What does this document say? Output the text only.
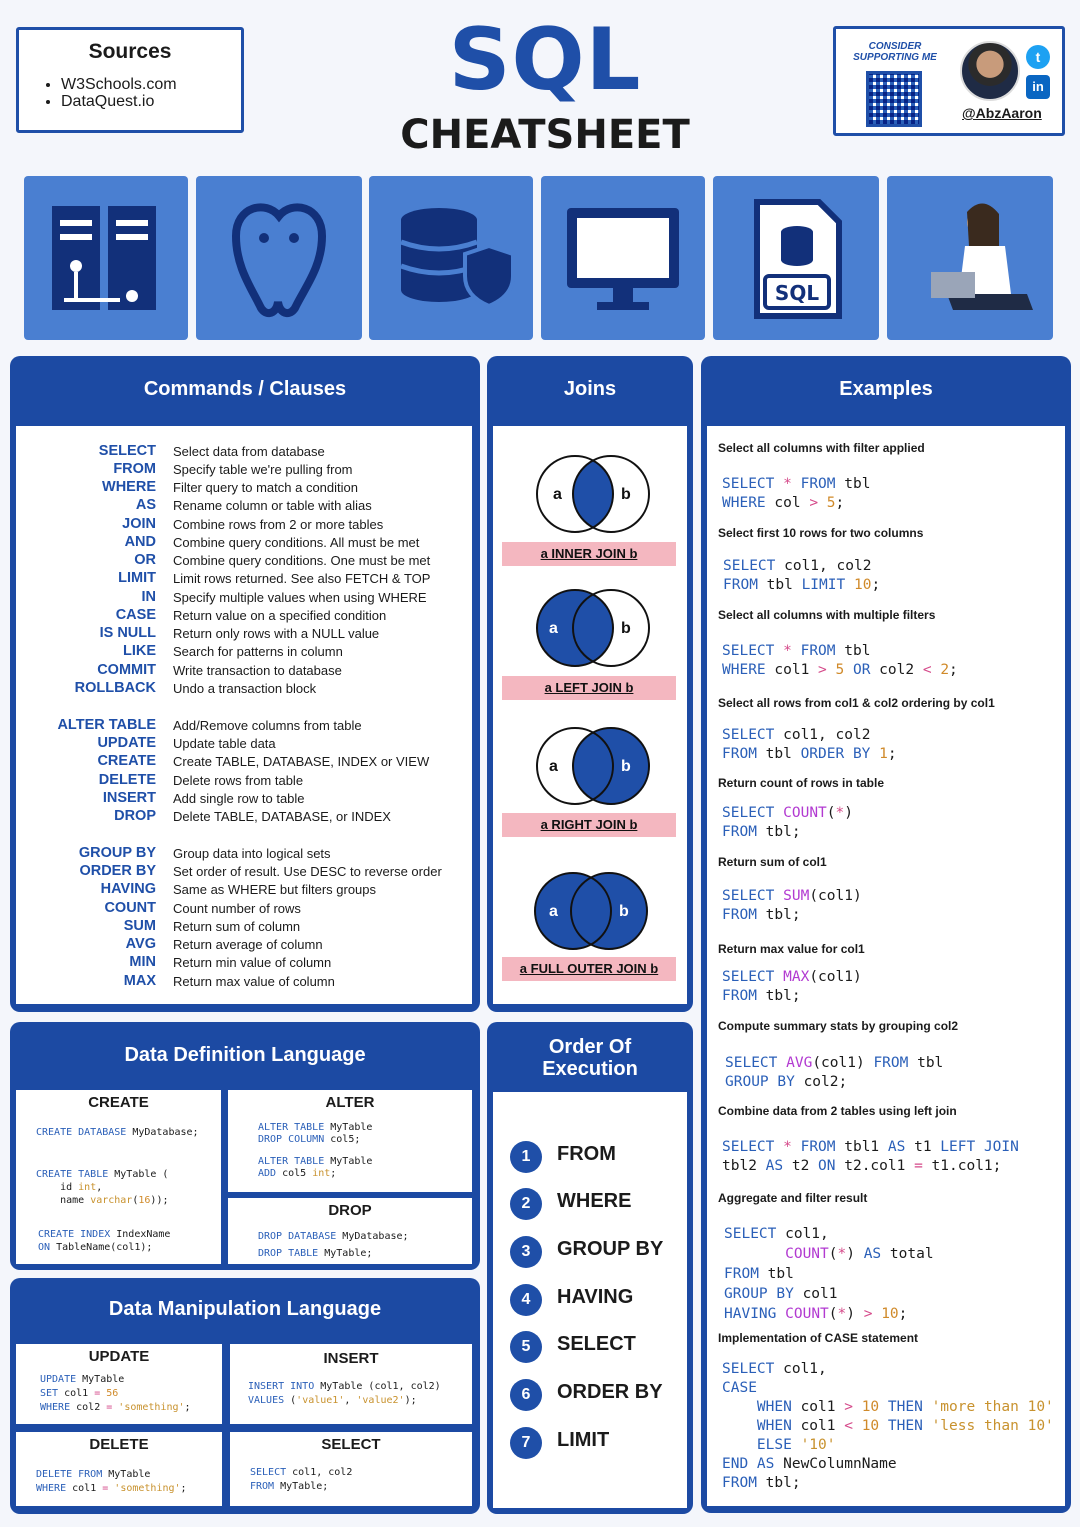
Sources
• W3Schools.com
• DataQuest.io	SQL
CHEATSHEET
CONSIDER SUPPORTING ME	t
in
@AbzAaron
SQL
Commands / Clauses
SELECT Select data from database
FROM Specify table we're pulling from
WHERE Filter query to match a condition
AS Rename column or table with alias
JOIN Combine rows from 2 or more tables
AND Combine query conditions. All must be met
OR Combine query conditions. One must be met
LIMIT Limit rows returned. See also FETCH & TOP
IN Specify multiple values when using WHERE
CASE Return value on a specified condition
IS NULL Return only rows with a NULL value
LIKE Search for patterns in column
COMMIT Write transaction to database
ROLLBACK Undo a transaction block
ALTER TABLE Add/Remove columns from table
UPDATE Update table data
CREATE Create TABLE, DATABASE, INDEX or VIEW
DELETE Delete rows from table
INSERT Add single row to table
DROP Delete TABLE, DATABASE, or INDEX
GROUP BY Group data into logical sets
ORDER BY Set order of result. Use DESC to reverse order
HAVING Same as WHERE but filters groups
COUNT Count number of rows
SUM Return sum of column
AVG Return average of column
MIN Return min value of column
MAX Return max value of column
Joins
a	b
a	b
a	b
a	b
a INNER JOIN b
a LEFT JOIN b
a RIGHT JOIN b
a FULL OUTER JOIN b
Examples
Select all columns with filter applied
SELECT * FROM tbl
WHERE col > 5;
Select first 10 rows for two columns
SELECT col1, col2
FROM tbl LIMIT 10;
Select all columns with multiple filters
SELECT * FROM tbl
WHERE col1 > 5 OR col2 < 2;
Select all rows from col1 & col2 ordering by col1
SELECT col1, col2
FROM tbl ORDER BY 1;
Return count of rows in table
SELECT COUNT(*)
FROM tbl;
Return sum of col1
SELECT SUM(col1)
FROM tbl;
Return max value for col1
SELECT MAX(col1)
FROM tbl;
Compute summary stats by grouping col2
SELECT AVG(col1) FROM tbl
GROUP BY col2;
Combine data from 2 tables using left join
SELECT * FROM tbl1 AS t1 LEFT JOIN
tbl2 AS t2 ON t2.col1 = t1.col1;
Aggregate and filter result
SELECT col1,
COUNT(*) AS total
FROM tbl
GROUP BY col1
HAVING COUNT(*) > 10;
Implementation of CASE statement
SELECT col1,
CASE
WHEN col1 > 10 THEN 'more than 10'
WHEN col1 < 10 THEN 'less than 10'
ELSE '10'
END AS NewColumnName
FROM tbl;
Data Definition Language
CREATE
CREATE DATABASE MyDatabase;
CREATE TABLE MyTable (
id int,
name varchar(16));
CREATE INDEX IndexName
ON TableName(col1);
ALTER
ALTER TABLE MyTable
DROP COLUMN col5;
ALTER TABLE MyTable
ADD col5 int;
DROP
DROP DATABASE MyDatabase;
DROP TABLE MyTable;
Data Manipulation Language
UPDATE
UPDATE MyTable
SET col1 = 56
WHERE col2 = 'something';
INSERT
INSERT INTO MyTable (col1, col2)
VALUES ('value1', 'value2');
DELETE
DELETE FROM MyTable
WHERE col1 = 'something';
SELECT
SELECT col1, col2
FROM MyTable;
Order Of
Execution
1	FROM
2	WHERE
3	GROUP BY
4	HAVING
5	SELECT
6	ORDER BY
7	LIMIT
